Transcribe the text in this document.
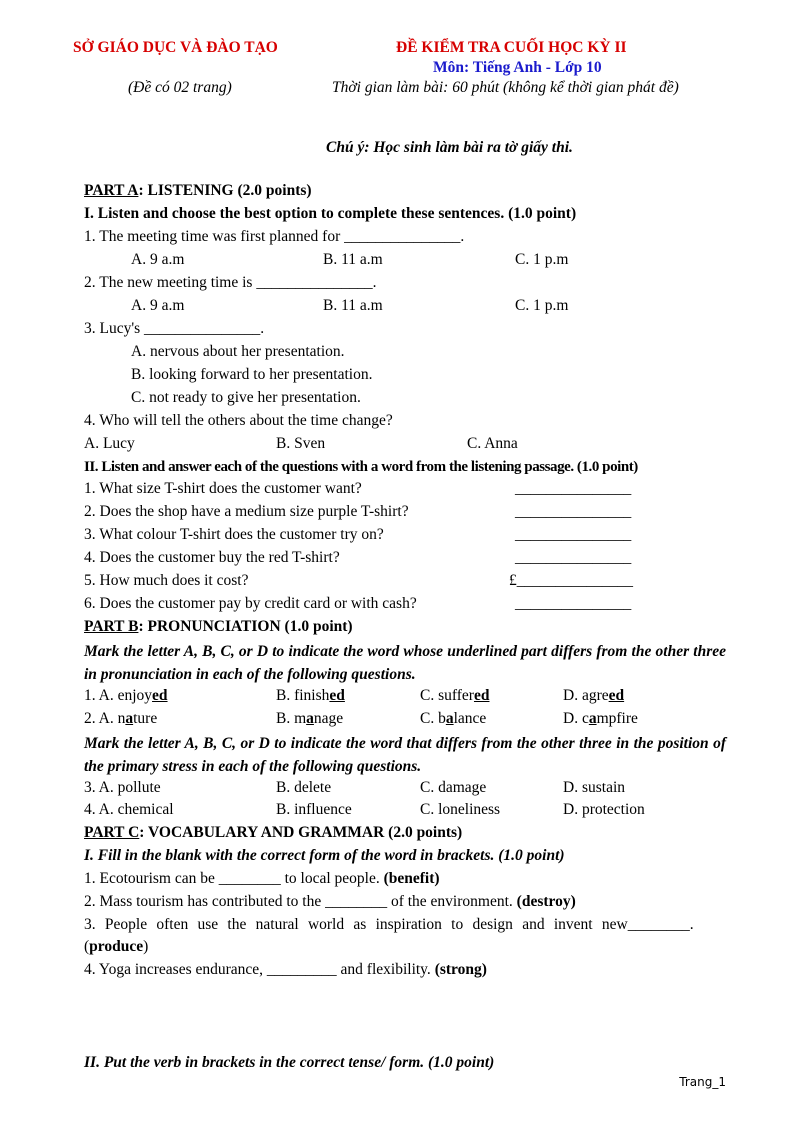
SỞ GIÁO DỤC VÀ ĐÀO TẠO	ĐỀ KIỂM TRA CUỐI HỌC KỲ II
Môn: Tiếng Anh - Lớp 10
(Đề có 02 trang)	Thời gian làm bài: 60 phút (không kể thời gian phát đề)
Chú ý: Học sinh làm bài ra tờ giấy thi.
PART A: LISTENING (2.0 points)
I. Listen and choose the best option to complete these sentences. (1.0 point)
1. The meeting time was first planned for _______________.
A. 9 a.m	B. 11 a.m	C. 1 p.m
2. The new meeting time is _______________.
A. 9 a.m	B. 11 a.m	C. 1 p.m
3. Lucy's _______________.
A. nervous about her presentation.
B. looking forward to her presentation.
C. not ready to give her presentation.
4. Who will tell the others about the time change?
A. Lucy	B. Sven	C. Anna
II. Listen and answer each of the questions with a word from the listening passage. (1.0 point)
1. What size T-shirt does the customer want?	_______________
2. Does the shop have a medium size purple T-shirt?	_______________
3. What colour T-shirt does the customer try on?	_______________
4. Does the customer buy the red T-shirt?	_______________
5. How much does it cost?	£_______________
6. Does the customer pay by credit card or with cash?	_______________
PART B: PRONUNCIATION (1.0 point)
Mark the letter A, B, C, or D to indicate the word whose underlined part differs from the other three in pronunciation in each of the following questions.
1. A. enjoyed	B. finished	C. suffered	D. agreed
2. A. nature	B. manage	C. balance	D. campfire
Mark the letter A, B, C, or D to indicate the word that differs from the other three in the position of the primary stress in each of the following questions.
3. A. pollute	B. delete	C. damage	D. sustain
4. A. chemical	B. influence	C. loneliness	D. protection
PART C: VOCABULARY AND GRAMMAR (2.0 points)
I. Fill in the blank with the correct form of the word in brackets. (1.0 point)
1. Ecotourism can be ________ to local people. (benefit)
2. Mass tourism has contributed to the ________ of the environment. (destroy)
3. People often use the natural world as inspiration to design and invent new________.
(produce)
4. Yoga increases endurance, _________ and flexibility. (strong)
II. Put the verb in brackets in the correct tense/ form. (1.0 point)
Trang_1
